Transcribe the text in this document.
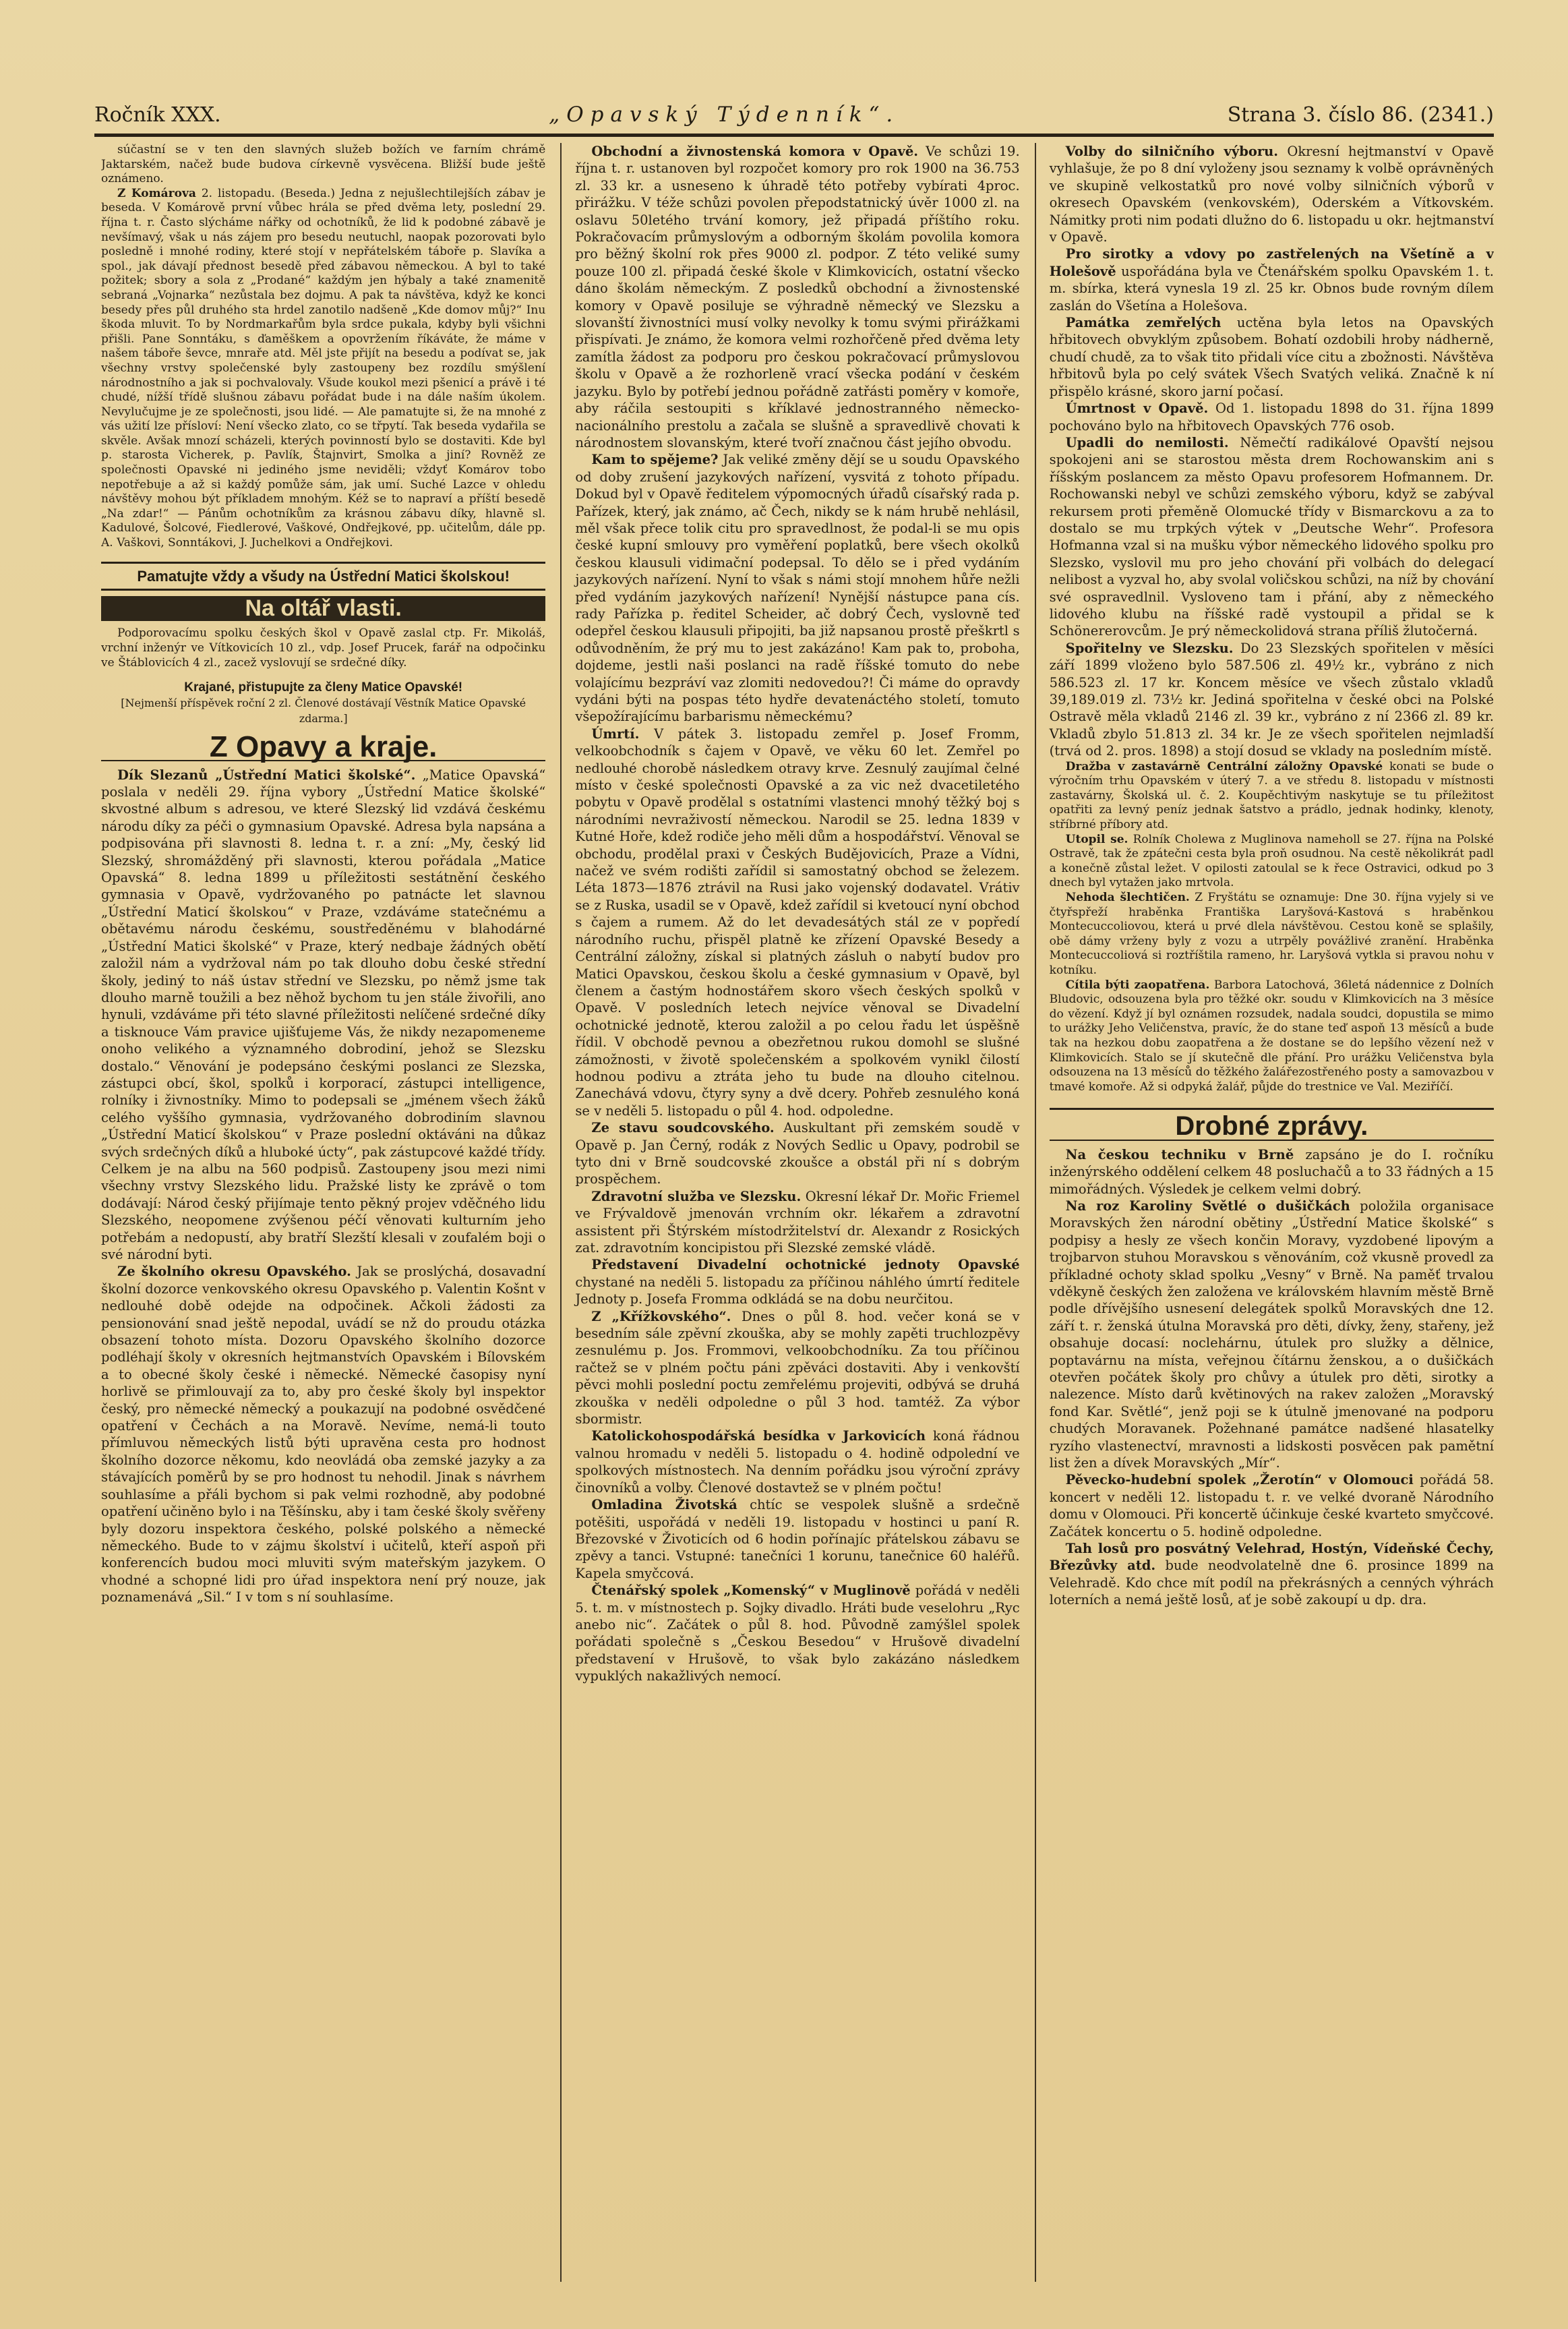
Ročník XXX.	„Opavský Týdenník“.	Strana 3. číslo 86. (2341.)

súčastní se v ten den slavných služeb božích ve farním chrámě Jaktarském, načež bude budova církevně vysvěcena. Bližší bude ještě oznámeno.

Z Komárova 2. listopadu. (Beseda.) Jedna z nejušlechtilejších zábav je beseda. V Komárově první vůbec hrála se před dvěma lety, poslední 29. října t. r. Často slýcháme nářky od ochotníků, že lid k podobné zábavě je nevšímavý, však u nás zájem pro besedu neutuchl, naopak pozorovati bylo posledně i mnohé rodiny, které stojí v nepřátelském táboře p. Slavíka a spol., jak dávají přednost besedě před zábavou německou. A byl to také požitek; sbory a sola z „Prodané“ každým jen hýbaly a také znamenitě sebraná „Vojnarka“ nezůstala bez dojmu. A pak ta návštěva, když ke konci besedy přes půl druhého sta hrdel zanotilo nadšeně „Kde domov můj?“ Inu škoda mluvit. To by Nordmarkařům byla srdce pukala, kdyby byli všichni přišli. Pane Sonntáku, s ďaměškem a opovržením říkáváte, že máme v našem táboře ševce, mnraře atd. Měl jste přijít na besedu a podívat se, jak všechny vrstvy společenské byly zastoupeny bez rozdílu smýšlení národnostního a jak si pochvalovaly. Všude koukol mezi pšenicí a právě i té chudé, nížší třídě slušnou zábavu pořádat bude i na dále naším úkolem. Nevylučujme je ze společnosti, jsou lidé. — Ale pamatujte si, že na mnohé z vás užití lze přísloví: Není všecko zlato, co se třpytí. Tak beseda vydařila se skvěle. Avšak mnozí scházeli, kterých povinností bylo se dostaviti. Kde byl p. starosta Vicherek, p. Pavlík, Štajnvirt, Smolka a jiní? Rovněž ze společnosti Opavské ni jediného jsme neviděli; vždyť Komárov tobo nepotřebuje a až si každý pomůže sám, jak umí. Suché Lazce v ohledu návštěvy mohou být příkladem mnohým. Kéž se to napraví a příští besedě „Na zdar!“ — Pánům ochotníkům za krásnou zábavu díky, hlavně sl. Kadulové, Šolcové, Fiedlerové, Vaškové, Ondřejkové, pp. učitelům, dále pp. A. Vaškovi, Sonntákovi, J. Juchelkovi a Ondřejkovi.

Pamatujte vždy a všudy na Ústřední Matici školskou!
Na oltář vlasti.

Podporovacímu spolku českých škol v Opavě zaslal ctp. Fr. Mikoláš, vrchní inženýr ve Vítkovicích 10 zl., vdp. Josef Prucek, farář na odpočinku ve Štáblovicích 4 zl., zacež vyslovují se srdečné díky.

Krajané, přistupujte za členy Matice Opavské!
[Nejmenší příspěvek roční 2 zl. Členové dostávají Věstník Matice Opavské zdarma.]
Z Opavy a kraje.

Dík Slezanů „Ústřední Matici školské“. „Matice Opavská“ poslala v neděli 29. října vybory „Ústřední Matice školské“ skvostné album s adresou, ve které Slezský lid vzdává českému národu díky za péči o gymnasium Opavské. Adresa byla napsána a podpisována při slavnosti 8. ledna t. r. a zní: „My, český lid Slezský, shromážděný při slavnosti, kterou pořádala „Matice Opavská“ 8. ledna 1899 u příležitosti sestátnění českého gymnasia v Opavě, vydržovaného po patnácte let slavnou „Ústřední Maticí školskou“ v Praze, vzdáváme statečnému a obětavému národu českému, soustředěnému v blahodárné „Ústřední Matici školské“ v Praze, který nedbaje žádných obětí založil nám a vydržoval nám po tak dlouho dobu české střední školy, jediný to náš ústav střední ve Slezsku, po němž jsme tak dlouho marně toužili a bez něhož bychom tu jen stále živořili, ano hynuli, vzdáváme při této slavné příležitosti nelíčené srdečné díky a tisknouce Vám pravice ujišťujeme Vás, že nikdy nezapomeneme onoho velikého a významného dobrodiní, jehož se Slezsku dostalo.“ Věnování je podepsáno českými poslanci ze Slezska, zástupci obcí, škol, spolků i korporací, zástupci intelligence, rolníky i živnostníky. Mimo to podepsali se „jménem všech žáků celého vyššího gymnasia, vydržovaného dobrodiním slavnou „Ústřední Maticí školskou“ v Praze poslední oktáváni na důkaz svých srdečných díků a hluboké úcty“, pak zástupcové každé třídy. Celkem je na albu na 560 podpisů. Zastoupeny jsou mezi nimi všechny vrstvy Slezského lidu. Pražské listy ke zprávě o tom dodávají: Národ český přijímaje tento pěkný projev vděčného lidu Slezského, neopomene zvýšenou péčí věnovati kulturním jeho potřebám a nedopustí, aby bratří Slezští klesali v zoufalém boji o své národní byti.

Ze školního okresu Opavského. Jak se proslýchá, dosavadní školní dozorce venkovského okresu Opavského p. Valentin Košnt v nedlouhé době odejde na odpočinek. Ačkoli žádosti za pensionování snad ještě nepodal, uvádí se nž do proudu otázka obsazení tohoto místa. Dozoru Opavského školního dozorce podléhají školy v okresních hejtmanstvích Opavském i Bílovském a to obecné školy české i německé. Německé časopisy nyní horlivě se přimlouvají za to, aby pro české školy byl inspektor český, pro německé německý a poukazují na podobné osvědčené opatření v Čechách a na Moravě. Nevíme, nemá-li touto přímluvou německých listů býti upravěna cesta pro hodnost školního dozorce někomu, kdo neovládá oba zemské jazyky a za stávajících poměrů by se pro hodnost tu nehodil. Jinak s návrhem souhlasíme a přáli bychom si pak velmi rozhodně, aby podobné opatření učiněno bylo i na Těšínsku, aby i tam české školy svěřeny byly dozoru inspektora českého, polské polského a německé německého. Bude to v zájmu školství i učitelů, kteří aspoň při konferencích budou moci mluviti svým mateřským jazykem. O vhodné a schopné lidi pro úřad inspektora není prý nouze, jak poznamenává „Sil.“ I v tom s ní souhlasíme.

Obchodní a živnostenská komora v Opavě. Ve schůzi 19. října t. r. ustanoven byl rozpočet komory pro rok 1900 na 36.753 zl. 33 kr. a usneseno k úhradě této potřeby vybírati 4proc. přirážku. V téže schůzi povolen přepodstatnický úvěr 1000 zl. na oslavu 50letého trvání komory, jež připadá příštího roku. Pokračovacím průmyslovým a odborným školám povolila komora pro běžný školní rok přes 9000 zl. podpor. Z této veliké sumy pouze 100 zl. připadá české škole v Klimkovicích, ostatní všecko dáno školám německým. Z posledků obchodní a živnostenské komory v Opavě posiluje se výhradně německý ve Slezsku a slovanští živnostníci musí volky nevolky k tomu svými přirážkami přispívati. Je známo, že komora velmi rozhořčeně před dvěma lety zamítla žádost za podporu pro českou pokračovací průmyslovou školu v Opavě a že rozhorleně vrací všecka podání v českém jazyku. Bylo by potřebí jednou pořádně zatřásti poměry v komoře, aby ráčila sestoupiti s kříklavé jednostranného německo-nacionálního prestolu a začala se slušně a spravedlivě chovati k národnostem slovanským, které tvoří značnou část jejího obvodu.

Kam to spějeme? Jak veliké změny dějí se u soudu Opavského od doby zrušení jazykových nařízení, vysvitá z tohoto případu. Dokud byl v Opavě ředitelem výpomocných úřadů císařský rada p. Pařízek, který, jak známo, ač Čech, nikdy se k nám hrubě nehlásil, měl však přece tolik citu pro spravedlnost, že podal-li se mu opis české kupní smlouvy pro vyměření poplatků, bere všech okolků českou klausuli vidimační podepsal. To dělo se i před vydáním jazykových nařízení. Nyní to však s námi stojí mnohem hůře nežli před vydáním jazykových nařízení! Nynější nástupce pana cís. rady Pařízka p. ředitel Scheider, ač dobrý Čech, vyslovně teď odepřel českou klausuli připojiti, ba již napsanou prostě přeškrtl s odůvodněním, že prý mu to jest zakázáno! Kam pak to, proboha, dojdeme, jestli naši poslanci na radě říšské tomuto do nebe volajícímu bezpráví vaz zlomiti nedovedou?! Či máme do opravdy vydáni býti na pospas této hydře devatenáctého století, tomuto všepožírajícímu barbarismu německému?

Úmrtí. V pátek 3. listopadu zemřel p. Josef Fromm, velkoobchodník s čajem v Opavě, ve věku 60 let. Zemřel po nedlouhé chorobě následkem otravy krve. Zesnulý zaujímal čelné místo v české společnosti Opavské a za vic než dvacetiletého pobytu v Opavě prodělal s ostatními vlastenci mnohý těžký boj s národními nevraživostí německou. Narodil se 25. ledna 1839 v Kutné Hoře, kdež rodiče jeho měli dům a hospodářství. Věnoval se obchodu, prodělal praxi v Českých Budějovicích, Praze a Vídni, načež ve svém rodišti zařídil si samostatný obchod se železem. Léta 1873—1876 ztrávil na Rusi jako vojenský dodavatel. Vrátiv se z Ruska, usadil se v Opavě, kdež zařídil si kvetoucí nyní obchod s čajem a rumem. Až do let devadesátých stál ze v popředí národního ruchu, přispěl platně ke zřízení Opavské Besedy a Centrální záložny, získal si platných zásluh o nabytí budov pro Matici Opavskou, českou školu a české gymnasium v Opavě, byl členem a častým hodnostářem skoro všech českých spolků v Opavě. V posledních letech nejvíce věnoval se Divadelní ochotnické jednotě, kterou založil a po celou řadu let úspěšně řídil. V obchodě pevnou a obezřetnou rukou domohl se slušné zámožnosti, v životě společenském a spolkovém vynikl čilostí hodnou podivu a ztráta jeho tu bude na dlouho citelnou. Zanechává vdovu, čtyry syny a dvě dcery. Pohřeb zesnulého koná se v neděli 5. listopadu o půl 4. hod. odpoledne.

Ze stavu soudcovského. Auskultant při zemském soudě v Opavě p. Jan Černý, rodák z Nových Sedlic u Opavy, podrobil se tyto dni v Brně soudcovské zkoušce a obstál při ní s dobrým prospěchem.

Zdravotní služba ve Slezsku. Okresní lékař Dr. Mořic Friemel ve Frývaldově jmenován vrchním okr. lékařem a zdravotní assistent při Štýrském místodržitelství dr. Alexandr z Rosických zat. zdravotním koncipistou při Slezské zemské vládě.

Představení Divadelní ochotnické jednoty Opavské chystané na neděli 5. listopadu za příčinou náhlého úmrtí ředitele Jednoty p. Josefa Fromma odkládá se na dobu neurčitou.

Z „Křížkovského“. Dnes o půl 8. hod. večer koná se v besedním sále zpěvní zkouška, aby se mohly zapěti truchlozpěvy zesnulému p. Jos. Frommovi, velkoobchodníku. Za tou příčinou račtež se v plném počtu páni zpěváci dostaviti. Aby i venkovští pěvci mohli poslední poctu zemřelému projeviti, odbývá se druhá zkouška v neděli odpoledne o půl 3 hod. tamtéž. Za výbor sbormistr.

Katolickohospodářská besídka v Jarkovicích koná řádnou valnou hromadu v neděli 5. listopadu o 4. hodině odpolední ve spolkových místnostech. Na denním pořádku jsou výroční zprávy činovníků a volby. Členové dostavtež se v plném počtu!

Omladina Životská chtíc se vespolek slušně a srdečně potěšiti, uspořádá v neděli 19. listopadu v hostinci u paní R. Březovské v Životicích od 6 hodin pořínajíc přátelskou zábavu se zpěvy a tanci. Vstupné: tanečníci 1 korunu, tanečnice 60 haléřů. Kapela smyčcová.

Čtenářský spolek „Komenský“ v Muglinově pořádá v neděli 5. t. m. v místnostech p. Sojky divadlo. Hráti bude veselohru „Ryc anebo nic“. Začátek o půl 8. hod. Původně zamýšlel spolek pořádati společně s „Českou Besedou“ v Hrušově divadelní představení v Hrušově, to však bylo zakázáno následkem vypuklých nakažlivých nemocí.

Volby do silničního výboru. Okresní hejtmanství v Opavě vyhlašuje, že po 8 dní vyloženy jsou seznamy k volbě oprávněných ve skupině velkostatků pro nové volby silničních výborů v okresech Opavském (venkovském), Oderském a Vítkovském. Námitky proti nim podati dlužno do 6. listopadu u okr. hejtmanství v Opavě.

Pro sirotky a vdovy po zastřelených na Všetíně a v Holešově uspořádána byla ve Čtenářském spolku Opavském 1. t. m. sbírka, která vynesla 19 zl. 25 kr. Obnos bude rovným dílem zaslán do Všetína a Holešova.

Památka zemřelých uctěna byla letos na Opavských hřbitovech obvyklým způsobem. Bohatí ozdobili hroby nádherně, chudí chudě, za to však tito přidali více citu a zbožnosti. Návštěva hřbitovů byla po celý svátek Všech Svatých veliká. Značně k ní přispělo krásné, skoro jarní počasí.

Úmrtnost v Opavě. Od 1. listopadu 1898 do 31. října 1899 pochováno bylo na hřbitovech Opavských 776 osob.

Upadli do nemilosti. Němečtí radikálové Opavští nejsou spokojeni ani se starostou města drem Rochowanskim ani s říšským poslancem za město Opavu profesorem Hofmannem. Dr. Rochowanski nebyl ve schůzi zemského výboru, když se zabýval rekursem proti přeměně Olomucké třídy v Bismarckovu a za to dostalo se mu trpkých výtek v „Deutsche Wehr“. Profesora Hofmanna vzal si na mušku výbor německého lidového spolku pro Slezsko, vyslovil mu pro jeho chování při volbách do delegací nelibost a vyzval ho, aby svolal voličskou schůzi, na níž by chování své ospravedlnil. Vysloveno tam i přání, aby z německého lidového klubu na říšské radě vystoupil a přidal se k Schönererovcům. Je prý německolidová strana příliš žlutočerná.

Spořitelny ve Slezsku. Do 23 Slezských spořitelen v měsíci září 1899 vloženo bylo 587.506 zl. 49½ kr., vybráno z nich 586.523 zl. 17 kr. Koncem měsíce ve všech zůstalo vkladů 39,189.019 zl. 73½ kr. Jediná spořitelna v české obci na Polské Ostravě měla vkladů 2146 zl. 39 kr., vybráno z ní 2366 zl. 89 kr. Vkladů zbylo 51.813 zl. 34 kr. Je ze všech spořitelen nejmladší (trvá od 2. pros. 1898) a stojí dosud se vklady na posledním místě.

Dražba v zastavárně Centrální záložny Opavské konati se bude o výročním trhu Opavském v úterý 7. a ve středu 8. listopadu v místnosti zastavárny, Školská ul. č. 2. Koupěchtivým naskytuje se tu příležitost opatřiti za levný peníz jednak šatstvo a prádlo, jednak hodinky, klenoty, stříbrné příbory atd.

Utopil se. Rolník Cholewa z Muglinova nameholl se 27. října na Polské Ostravě, tak že zpátečni cesta byla proň osudnou. Na cestě několikrát padl a konečně zůstal ležet. V opilosti zatoulal se k řece Ostravici, odkud po 3 dnech byl vytažen jako mrtvola.

Nehoda šlechtičen. Z Fryštátu se oznamuje: Dne 30. října vyjely si ve čtyřspřeží hraběnka Františka Laryšová-Kastová s hraběnkou Montecuccoliovou, která u prvé dlela návštěvou. Cestou koně se splašily, obě dámy vrženy byly z vozu a utrpěly povážlivé zranění. Hraběnka Montecuccoliová si roztříštila rameno, hr. Laryšová vytkla si pravou nohu v kotníku.

Cítila býti zaopatřena. Barbora Latochová, 36letá nádennice z Dolních Bludovic, odsouzena byla pro těžké okr. soudu v Klimkovicích na 3 měsíce do vězení. Když jí byl oznámen rozsudek, nadala soudci, dopustila se mimo to urážky Jeho Veličenstva, pravíc, že do stane teď aspoň 13 měsíců a bude tak na hezkou dobu zaopatřena a že dostane se do lepšího vězení než v Klimkovicích. Stalo se jí skutečně dle přání. Pro urážku Veličenstva byla odsouzena na 13 měsíců do těžkého žalářezostřeného posty a samovazbou v tmavé komoře. Až si odpyká žalář, půjde do trestnice ve Val. Meziříčí.

Drobné zprávy.

Na českou techniku v Brně zapsáno je do I. ročníku inženýrského oddělení celkem 48 posluchačů a to 33 řádných a 15 mimořádných. Výsledek je celkem velmi dobrý.

Na roz Karoliny Světlé o dušičkách položila organisace Moravských žen národní obětiny „Ústřední Matice školské“ s podpisy a hesly ze všech končin Moravy, vyzdobené lipovým a trojbarvon stuhou Moravskou s věnováním, což vkusně provedl za příkladné ochoty sklad spolku „Vesny“ v Brně. Na paměť trvalou vděkyně českých žen založena ve královském hlavním městě Brně podle dřívějšího usnesení delegátek spolků Moravských dne 12. září t. r. ženská útulna Moravská pro děti, dívky, ženy, stařeny, jež obsahuje docasí: noclehárnu, útulek pro služky a dělnice, poptavárnu na místa, veřejnou čítárnu ženskou, a o dušičkách otevřen počátek školy pro chůvy a útulek pro děti, sirotky a nalezence. Místo darů květinových na rakev založen „Moravský fond Kar. Světlé“, jenž poji se k útulně jmenované na podporu chudých Moravanek. Požehnané památce nadšené hlasatelky ryzího vlastenectví, mravnosti a lidskosti posvěcen pak pamětní list žen a dívek Moravských „Mír“.

Pěvecko-hudební spolek „Žerotín“ v Olomouci pořádá 58. koncert v neděli 12. listopadu t. r. ve velké dvoraně Národního domu v Olomouci. Při koncertě účinkuje české kvarteto smyčcové. Začátek koncertu o 5. hodině odpoledne.

Tah losů pro posvátný Velehrad, Hostýn, Vídeňské Čechy, Březůvky atd. bude neodvolatelně dne 6. prosince 1899 na Velehradě. Kdo chce mít podíl na překrásných a cenných výhrách loterních a nemá ještě losů, ať je sobě zakoupí u dp. dra.
